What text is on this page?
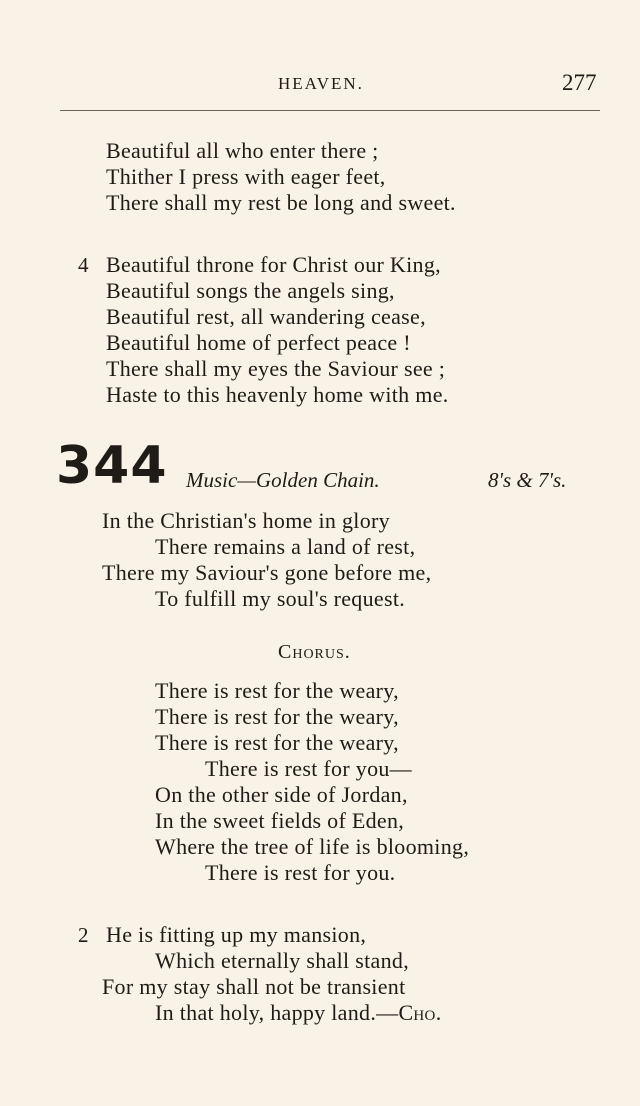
HEAVEN.	277
Beautiful all who enter there ;
Thither I press with eager feet,
There shall my rest be long and sweet.
4 Beautiful throne for Christ our King,
Beautiful songs the angels sing,
Beautiful rest, all wandering cease,
Beautiful home of perfect peace !
There shall my eyes the Saviour see ;
Haste to this heavenly home with me.
344 Music—Golden Chain.	8's & 7's.
In the Christian's home in glory
There remains a land of rest,
There my Saviour's gone before me,
To fulfill my soul's request.
Chorus.
There is rest for the weary,
There is rest for the weary,
There is rest for the weary,
There is rest for you—
On the other side of Jordan,
In the sweet fields of Eden,
Where the tree of life is blooming,
There is rest for you.
2 He is fitting up my mansion,
Which eternally shall stand,
For my stay shall not be transient
In that holy, happy land.—Cho.
